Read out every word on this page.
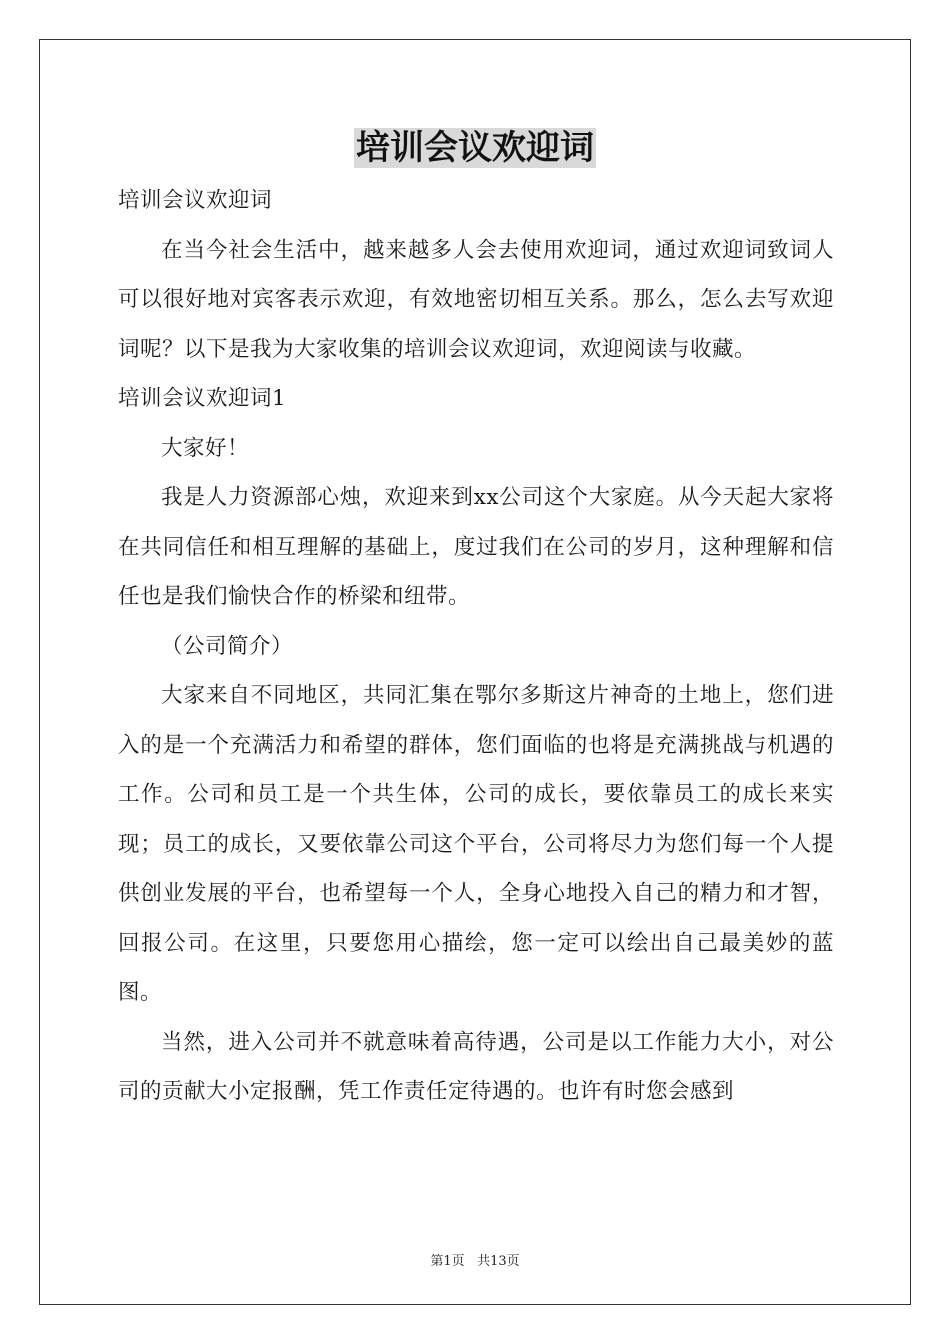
培训会议欢迎词

培训会议欢迎词

在当今社会生活中，越来越多人会去使用欢迎词，通过欢迎词致词人可以很好地对宾客表示欢迎，有效地密切相互关系。那么，怎么去写欢迎词呢？以下是我为大家收集的培训会议欢迎词，欢迎阅读与收藏。

培训会议欢迎词1

大家好！

我是人力资源部心烛，欢迎来到xx公司这个大家庭。从今天起大家将在共同信任和相互理解的基础上，度过我们在公司的岁月，这种理解和信任也是我们愉快合作的桥梁和纽带。

（公司简介）

大家来自不同地区，共同汇集在鄂尔多斯这片神奇的土地上，您们进入的是一个充满活力和希望的群体，您们面临的也将是充满挑战与机遇的工作。公司和员工是一个共生体，公司的成长，要依靠员工的成长来实现；员工的成长，又要依靠公司这个平台，公司将尽力为您们每一个人提供创业发展的平台，也希望每一个人，全身心地投入自己的精力和才智，回报公司。在这里，只要您用心描绘，您一定可以绘出自己最美妙的蓝图。

当然，进入公司并不就意味着高待遇，公司是以工作能力大小，对公司的贡献大小定报酬，凭工作责任定待遇的。也许有时您会感到

第1页 共13页
